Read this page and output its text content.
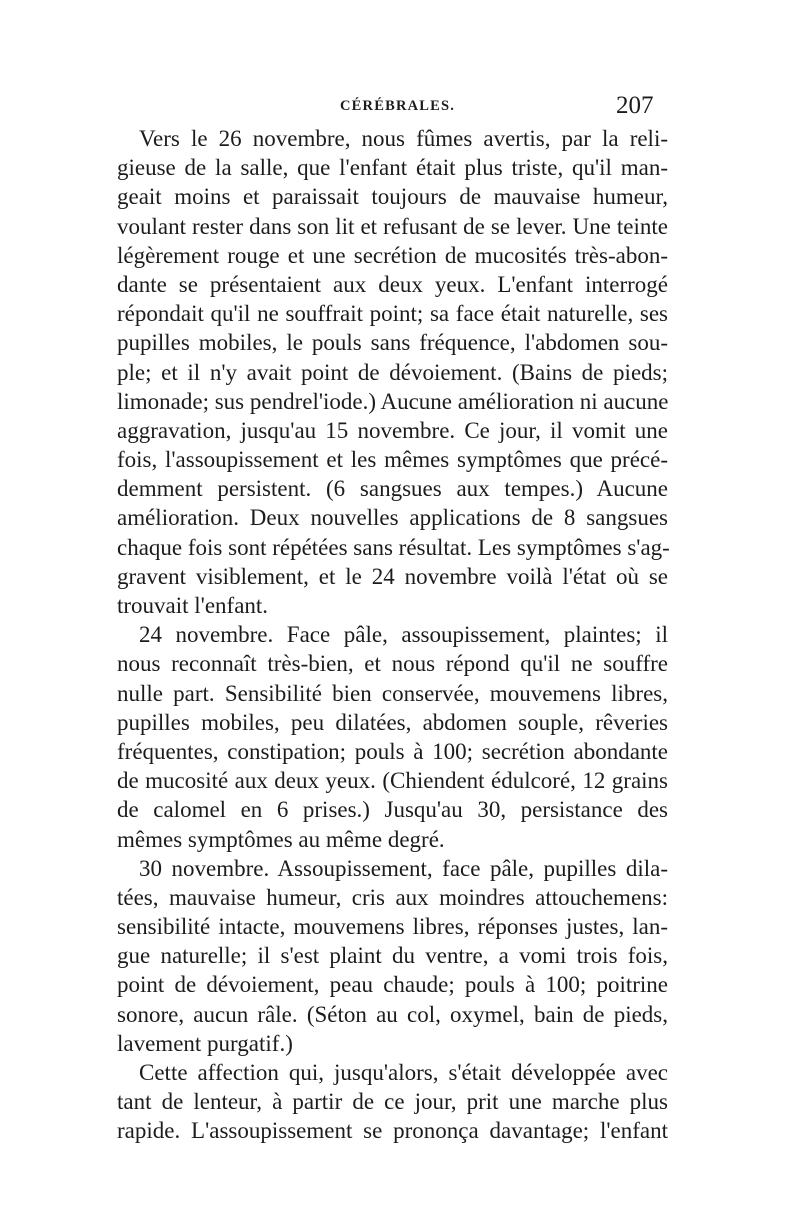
CÉRÉBRALES.	207
Vers le 26 novembre, nous fûmes avertis, par la reli-
gieuse de la salle, que l'enfant était plus triste, qu'il man-
geait moins et paraissait toujours de mauvaise humeur,
voulant rester dans son lit et refusant de se lever. Une teinte
légèrement rouge et une secrétion de mucosités très-abon-
dante se présentaient aux deux yeux. L'enfant interrogé
répondait qu'il ne souffrait point; sa face était naturelle, ses
pupilles mobiles, le pouls sans fréquence, l'abdomen sou-
ple; et il n'y avait point de dévoiement. (Bains de pieds;
limonade; sus pendrel'iode.) Aucune amélioration ni aucune
aggravation, jusqu'au 15 novembre. Ce jour, il vomit une
fois, l'assoupissement et les mêmes symptômes que précé-
demment persistent. (6 sangsues aux tempes.) Aucune
amélioration. Deux nouvelles applications de 8 sangsues
chaque fois sont répétées sans résultat. Les symptômes s'ag-
gravent visiblement, et le 24 novembre voilà l'état où se
trouvait l'enfant.
24 novembre. Face pâle, assoupissement, plaintes; il
nous reconnaît très-bien, et nous répond qu'il ne souffre
nulle part. Sensibilité bien conservée, mouvemens libres,
pupilles mobiles, peu dilatées, abdomen souple, rêveries
fréquentes, constipation; pouls à 100; secrétion abondante
de mucosité aux deux yeux. (Chiendent édulcoré, 12 grains
de calomel en 6 prises.) Jusqu'au 30, persistance des
mêmes symptômes au même degré.
30 novembre. Assoupissement, face pâle, pupilles dila-
tées, mauvaise humeur, cris aux moindres attouchemens:
sensibilité intacte, mouvemens libres, réponses justes, lan-
gue naturelle; il s'est plaint du ventre, a vomi trois fois,
point de dévoiement, peau chaude; pouls à 100; poitrine
sonore, aucun râle. (Séton au col, oxymel, bain de pieds,
lavement purgatif.)
Cette affection qui, jusqu'alors, s'était développée avec
tant de lenteur, à partir de ce jour, prit une marche plus
rapide. L'assoupissement se prononça davantage; l'enfant
